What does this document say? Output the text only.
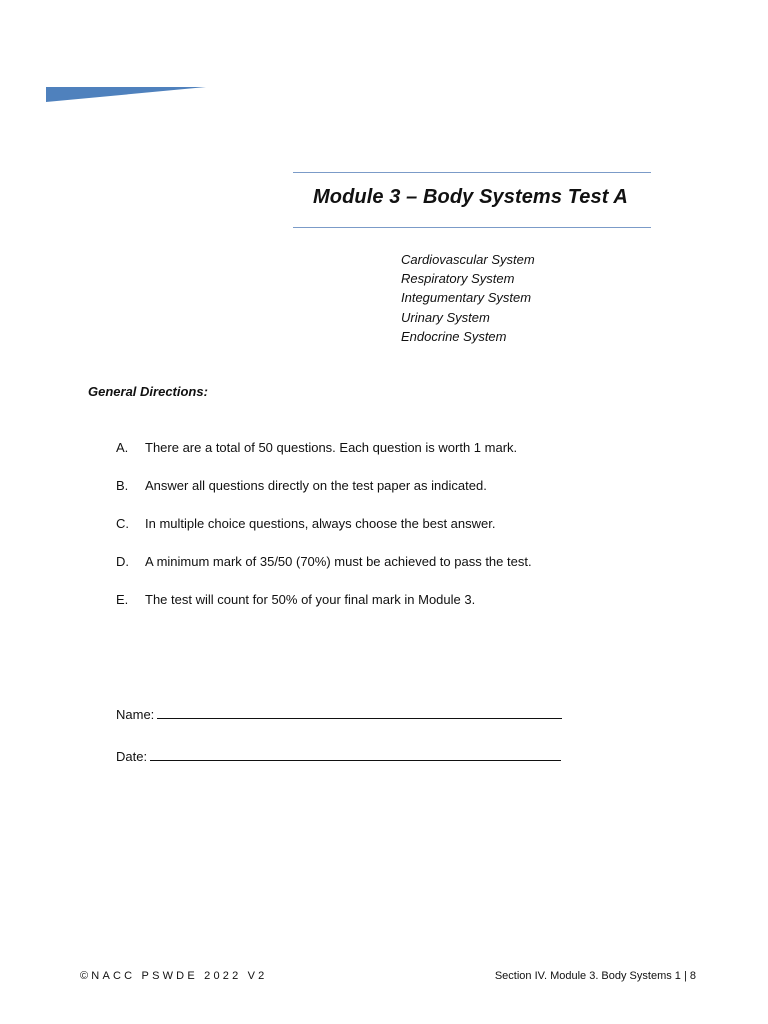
Module 3 – Body Systems Test A
Cardiovascular System
Respiratory System
Integumentary System
Urinary System
Endocrine System
General Directions:
A.	There are a total of 50 questions. Each question is worth 1 mark.
B.	Answer all questions directly on the test paper as indicated.
C.	In multiple choice questions, always choose the best answer.
D.	A minimum mark of 35/50 (70%) must be achieved to pass the test.
E.	The test will count for 50% of your final mark in Module 3.
Name:
Date:
©NACC PSWDE 2022 V2	Section IV. Module 3. Body Systems 1 | 8
